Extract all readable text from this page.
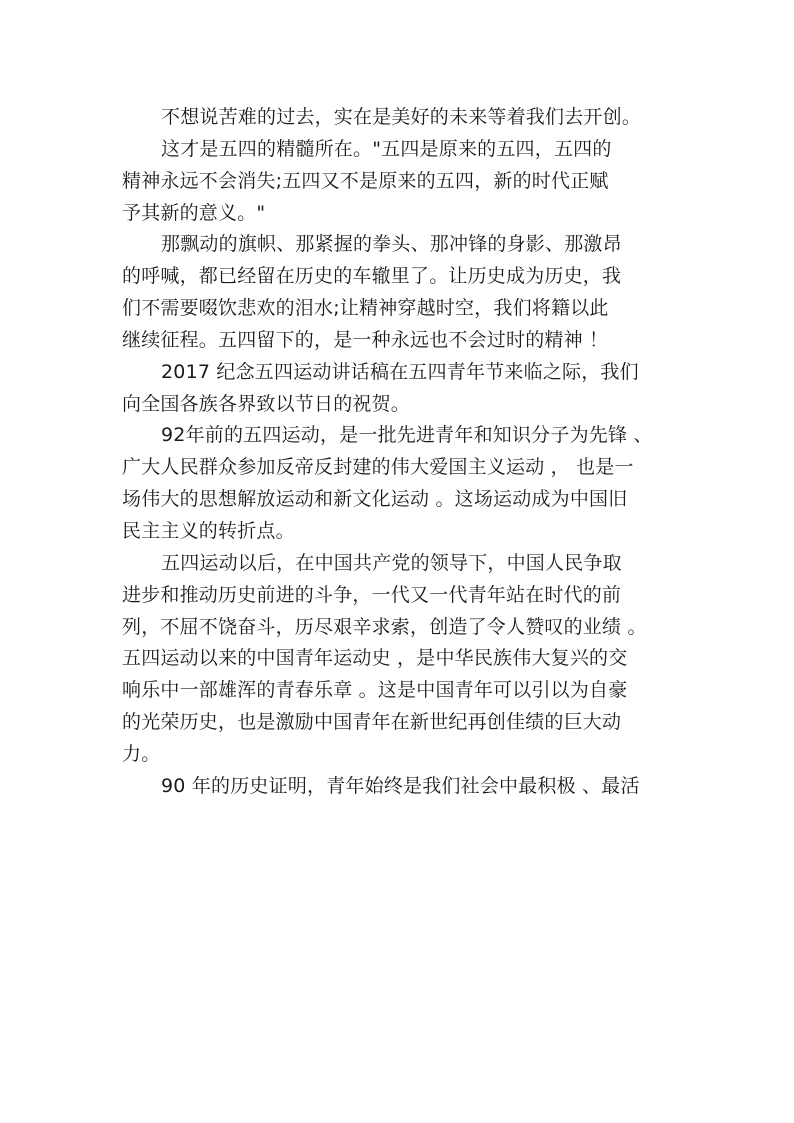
不想说苦难的过去，实在是美好的未来等着我们去开创。
这才是五四的精髓所在。"五四是原来的五四，五四的
精神永远不会消失;五四又不是原来的五四，新的时代正赋
予其新的意义。"
那飘动的旗帜、那紧握的拳头、那冲锋的身影、那激昂
的呼喊，都已经留在历史的车辙里了。让历史成为历史，我
们不需要啜饮悲欢的泪水;让精神穿越时空，我们将籍以此
继续征程。五四留下的，是一种永远也不会过时的精神 ！
2017 纪念五四运动讲话稿在五四青年节来临之际，我们
向全国各族各界致以节日的祝贺。
92年前的五四运动，是一批先进青年和知识分子为先锋 、
广大人民群众参加反帝反封建的伟大爱国主义运动 ， 也是一
场伟大的思想解放运动和新文化运动 。这场运动成为中国旧
民主主义的转折点。
五四运动以后，在中国共产党的领导下，中国人民争取
进步和推动历史前进的斗争，一代又一代青年站在时代的前
列，不屈不饶奋斗，历尽艰辛求索，创造了令人赞叹的业绩 。
五四运动以来的中国青年运动史 ，是中华民族伟大复兴的交
响乐中一部雄浑的青春乐章 。这是中国青年可以引以为自豪
的光荣历史，也是激励中国青年在新世纪再创佳绩的巨大动
力。
90 年的历史证明，青年始终是我们社会中最积极 、最活
